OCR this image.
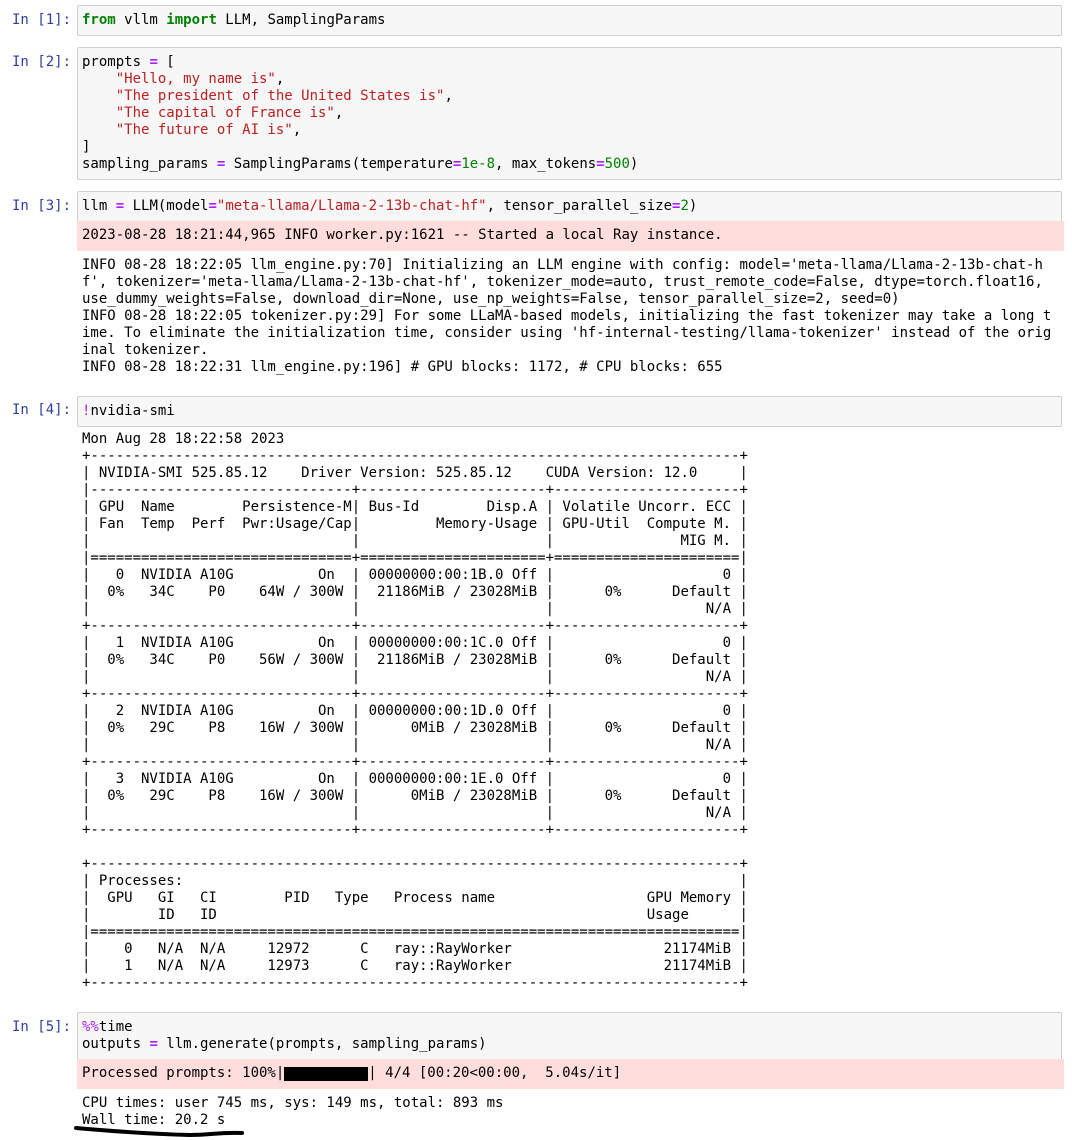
In [1]: from vllm import LLM, SamplingParams
In [2]: prompts = [
"Hello, my name is",
"The president of the United States is",
"The capital of France is",
"The future of AI is",
]
sampling_params = SamplingParams(temperature=1e-8, max_tokens=500)
In [3]: llm = LLM(model="meta-llama/Llama-2-13b-chat-hf", tensor_parallel_size=2)
2023-08-28 18:21:44,965 INFO worker.py:1621 -- Started a local Ray instance.
INFO 08-28 18:22:05 llm_engine.py:70] Initializing an LLM engine with config: model='meta-llama/Llama-2-13b-chat-h
f', tokenizer='meta-llama/Llama-2-13b-chat-hf', tokenizer_mode=auto, trust_remote_code=False, dtype=torch.float16,
use_dummy_weights=False, download_dir=None, use_np_weights=False, tensor_parallel_size=2, seed=0)
INFO 08-28 18:22:05 tokenizer.py:29] For some LLaMA-based models, initializing the fast tokenizer may take a long t
ime. To eliminate the initialization time, consider using 'hf-internal-testing/llama-tokenizer' instead of the orig
inal tokenizer.
INFO 08-28 18:22:31 llm_engine.py:196] # GPU blocks: 1172, # CPU blocks: 655
In [4]: !nvidia-smi
Mon Aug 28 18:22:58 2023
+-----------------------------------------------------------------------------+
| NVIDIA-SMI 525.85.12    Driver Version: 525.85.12    CUDA Version: 12.0     |
|-------------------------------+----------------------+----------------------+
| GPU  Name        Persistence-M| Bus-Id        Disp.A | Volatile Uncorr. ECC |
| Fan  Temp  Perf  Pwr:Usage/Cap|         Memory-Usage | GPU-Util  Compute M. |
|                               |                      |               MIG M. |
|===============================+======================+======================|
|   0  NVIDIA A10G          On  | 00000000:00:1B.0 Off |                    0 |
|  0%   34C    P0    64W / 300W |  21186MiB / 23028MiB |      0%      Default |
|                               |                      |                  N/A |
+-------------------------------+----------------------+----------------------+
|   1  NVIDIA A10G          On  | 00000000:00:1C.0 Off |                    0 |
|  0%   34C    P0    56W / 300W |  21186MiB / 23028MiB |      0%      Default |
|                               |                      |                  N/A |
+-------------------------------+----------------------+----------------------+
|   2  NVIDIA A10G          On  | 00000000:00:1D.0 Off |                    0 |
|  0%   29C    P8    16W / 300W |      0MiB / 23028MiB |      0%      Default |
|                               |                      |                  N/A |
+-------------------------------+----------------------+----------------------+
|   3  NVIDIA A10G          On  | 00000000:00:1E.0 Off |                    0 |
|  0%   29C    P8    16W / 300W |      0MiB / 23028MiB |      0%      Default |
|                               |                      |                  N/A |
+-------------------------------+----------------------+----------------------+
+-----------------------------------------------------------------------------+
| Processes:                                                                  |
|  GPU   GI   CI        PID   Type   Process name                  GPU Memory |
|        ID   ID                                                   Usage      |
|=============================================================================|
|    0   N/A  N/A     12972      C   ray::RayWorker                  21174MiB |
|    1   N/A  N/A     12973      C   ray::RayWorker                  21174MiB |
+-----------------------------------------------------------------------------+
In [5]: %%time
outputs = llm.generate(prompts, sampling_params)
Processed prompts: 100%|	| 4/4 [00:20<00:00,  5.04s/it]
CPU times: user 745 ms, sys: 149 ms, total: 893 ms
Wall time: 20.2 s
